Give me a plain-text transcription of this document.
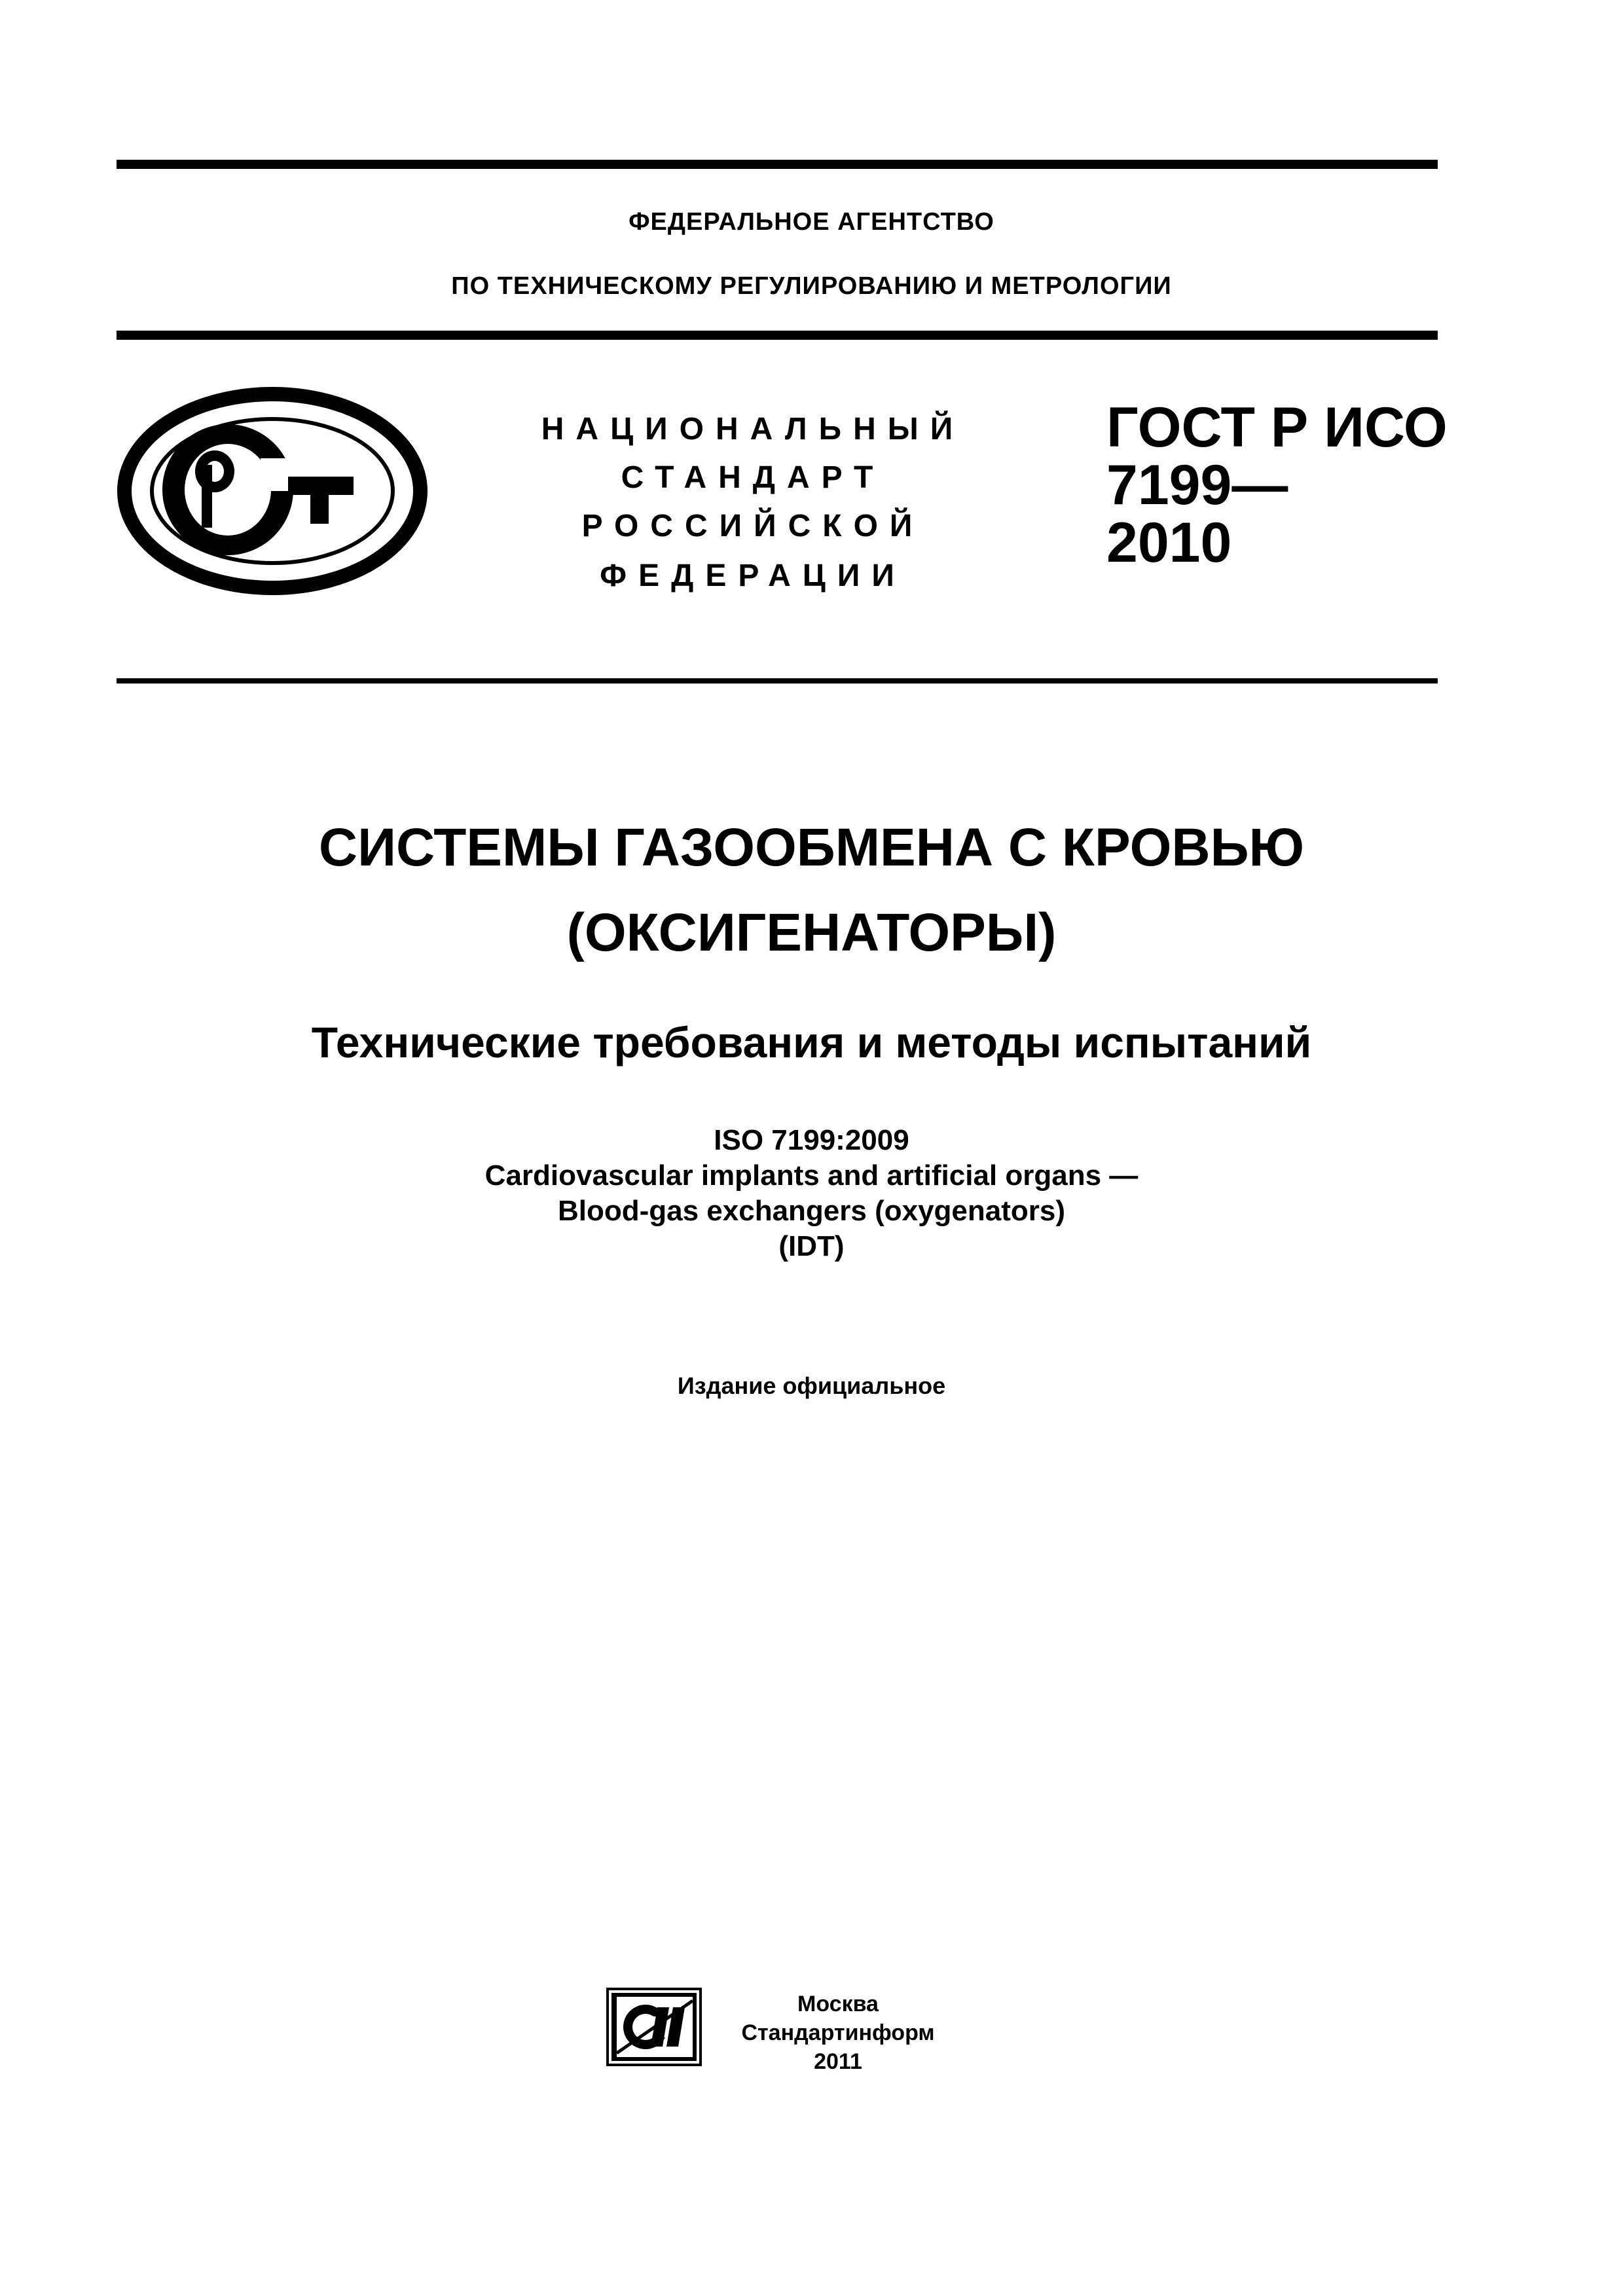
ФЕДЕРАЛЬНОЕ АГЕНТСТВО
ПО ТЕХНИЧЕСКОМУ РЕГУЛИРОВАНИЮ И МЕТРОЛОГИИ
НАЦИОНАЛЬНЫЙ
СТАНДАРТ
РОССИЙСКОЙ
ФЕДЕРАЦИИ
ГОСТ Р ИСО
7199—
2010
СИСТЕМЫ ГАЗООБМЕНА С КРОВЬЮ
(ОКСИГЕНАТОРЫ)
Технические требования и методы испытаний
ISO 7199:2009
Cardiovascular implants and artificial organs —
Blood-gas exchangers (oxygenators)
(IDT)
Издание официальное
Москва
Стандартинформ
2011
